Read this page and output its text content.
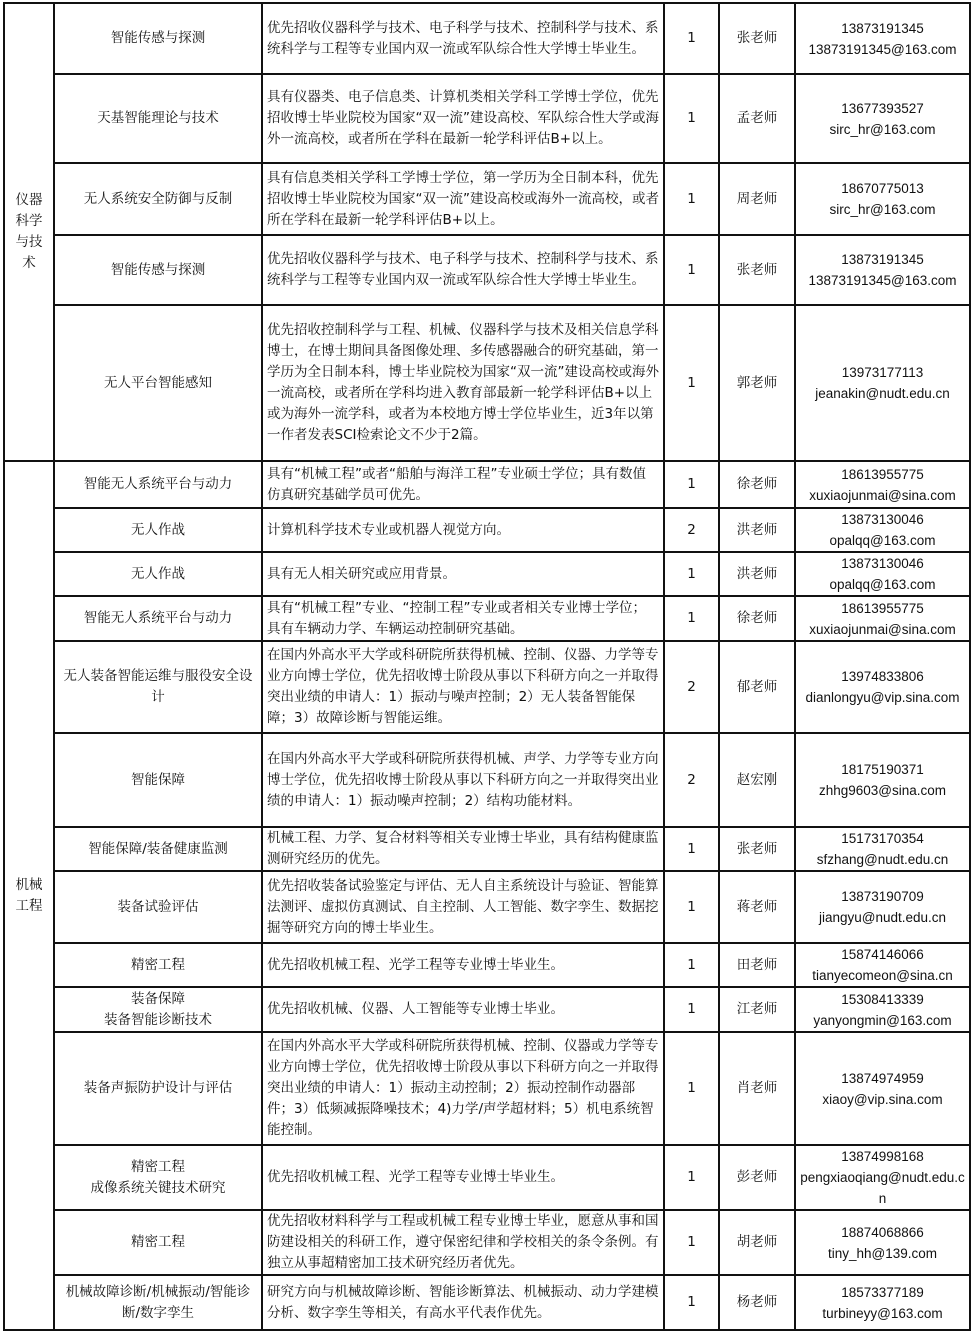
仪器科学与技术	智能传感与探测	优先招收仪器科学与技术、电子科学与技术、控制科学与技术、系统科学与工程等专业国内双一流或军队综合性大学博士毕业生。	1	张老师	13873191345
13873191345@163.com

	天基智能理论与技术	具有仪器类、电子信息类、计算机类相关学科工学博士学位，优先招收博士毕业院校为国家“双一流”建设高校、军队综合性大学或海外一流高校，或者所在学科在最新一轮学科评估B+以上。	1	孟老师	13677393527
sirc_hr@163.com

	无人系统安全防御与反制	具有信息类相关学科工学博士学位，第一学历为全日制本科，优先招收博士毕业院校为国家“双一流”建设高校或海外一流高校，或者所在学科在最新一轮学科评估B+以上。	1	周老师	18670775013
sirc_hr@163.com

	智能传感与探测	优先招收仪器科学与技术、电子科学与技术、控制科学与技术、系统科学与工程等专业国内双一流或军队综合性大学博士毕业生。	1	张老师	13873191345
13873191345@163.com

	无人平台智能感知	优先招收控制科学与工程、机械、仪器科学与技术及相关信息学科博士，在博士期间具备图像处理、多传感器融合的研究基础，第一学历为全日制本科，博士毕业院校为国家“双一流”建设高校或海外一流高校，或者所在学科均进入教育部最新一轮学科评估B+以上或为海外一流学科，或者为本校地方博士学位毕业生，近3年以第一作者发表SCI检索论文不少于2篇。	1	郭老师	13973177113
jeanakin@nudt.edu.cn

机械工程	智能无人系统平台与动力	具有“机械工程”或者“船舶与海洋工程”专业硕士学位；具有数值仿真研究基础学员可优先。	1	徐老师	18613955775
xuxiaojunmai@sina.com

	无人作战	计算机科学技术专业或机器人视觉方向。	2	洪老师	13873130046
opalqq@163.com

	无人作战	具有无人相关研究或应用背景。	1	洪老师	13873130046
opalqq@163.com

	智能无人系统平台与动力	具有“机械工程”专业、“控制工程”专业或者相关专业博士学位；具有车辆动力学、车辆运动控制研究基础。	1	徐老师	18613955775
xuxiaojunmai@sina.com

	无人装备智能运维与服役安全设计	在国内外高水平大学或科研院所获得机械、控制、仪器、力学等专业方向博士学位，优先招收博士阶段从事以下科研方向之一并取得突出业绩的申请人：1）振动与噪声控制；2）无人装备智能保障；3）故障诊断与智能运维。	2	郁老师	13974833806
dianlongyu@vip.sina.com

	智能保障	在国内外高水平大学或科研院所获得机械、声学、力学等专业方向博士学位，优先招收博士阶段从事以下科研方向之一并取得突出业绩的申请人：1）振动噪声控制；2）结构功能材料。	2	赵宏刚	18175190371
zhhg9603@sina.com

	智能保障/装备健康监测	机械工程、力学、复合材料等相关专业博士毕业，具有结构健康监测研究经历的优先。	1	张老师	15173170354
sfzhang@nudt.edu.cn

	装备试验评估	优先招收装备试验鉴定与评估、无人自主系统设计与验证、智能算法测评、虚拟仿真测试、自主控制、人工智能、数字孪生、数据挖掘等研究方向的博士毕业生。	1	蒋老师	13873190709
jiangyu@nudt.edu.cn

	精密工程	优先招收机械工程、光学工程等专业博士毕业生。	1	田老师	15874146066
tianyecomeon@sina.cn

	装备保障
装备智能诊断技术	优先招收机械、仪器、人工智能等专业博士毕业。	1	江老师	15308413339
yanyongmin@163.com

	装备声振防护设计与评估	在国内外高水平大学或科研院所获得机械、控制、仪器或力学等专业方向博士学位，优先招收博士阶段从事以下科研方向之一并取得突出业绩的申请人：1）振动主动控制；2）振动控制作动器部件；3）低频减振降噪技术；4)力学/声学超材料；5）机电系统智能控制。	1	肖老师	13874974959
xiaoy@vip.sina.com

	精密工程
成像系统关键技术研究	优先招收机械工程、光学工程等专业博士毕业生。	1	彭老师	13874998168
pengxiaoqiang@nudt.edu.cn

	精密工程	优先招收材料科学与工程或机械工程专业博士毕业，愿意从事和国防建设相关的科研工作，遵守保密纪律和学校相关的条令条例。有独立从事超精密加工技术研究经历者优先。	1	胡老师	18874068866
tiny_hh@139.com

	机械故障诊断/机械振动/智能诊断/数字孪生	研究方向与机械故障诊断、智能诊断算法、机械振动、动力学建模分析、数字孪生等相关，有高水平代表作优先。	1	杨老师	18573377189
turbineyy@163.com
